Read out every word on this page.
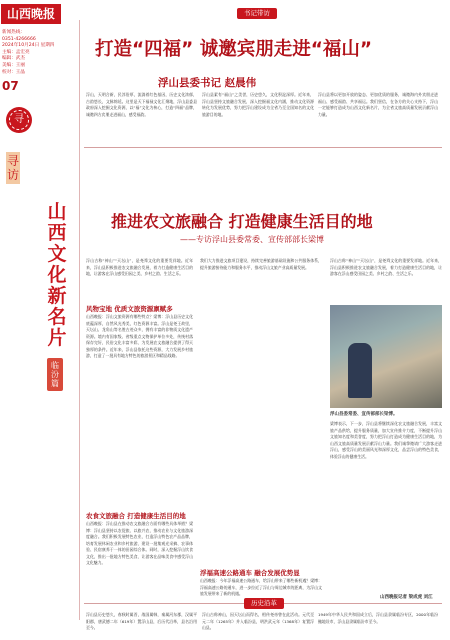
山西晚报
新闻热线：
0351-4266666
2024年10月24日 星期四
主编：孟宏亮
编辑：武杰
美编：王丽
校对：王晶
07
寻
寻访
山西文化新名片
临汾
篇
书记带访
打造“四福” 诚邀宾朋走进“福山”
浮山县委书记 赵晨伟
浮山，天明合新，民淳俗厚，流淌着红色基因，历史文化浓郁，古韵悠长，文脉绵延。这里是天下福禄文化汇聚地，浮山县委县政府深入挖掘文化资源，以“福”文化为核心，打造“四福”品牌，诚邀四方宾朋走进福山，感受福韵。
浮山县素有“福山”之美誉，历史悠久，文化积淀深厚。近年来，浮山县坚持文旅融合发展，深入挖掘福文化内涵，推动文化资源转化为发展优势，努力把浮山建设成为全省乃至全国知名的文化旅游目的地。
浮山县将以更加开放的姿态、更加优质的服务，诚邀海内外宾朋走进福山、感受福韵、共享福运。我们坚信，在各方的关心支持下，浮山一定能够打造成为山西文化新名片，为全省文旅高质量发展贡献浮山力量。
推进农文旅融合 打造健康生活目的地
——专访浮山县委常委、宣传部部长梁博
浮山古称“神山”“天坛山”，是尧舜文化的重要发祥地。近年来，浮山县积极推进农文旅融合发展，着力打造健康生活目的地，让游客在浮山感受田园之美、乡村之韵、生活之乐。
风物宝地 优质文旅资源禀赋多
山西晚报：浮山文旅资源有哪些特点？梁博：浮山县历史文化底蕴深厚，自然风光秀美，红色资源丰富。浮山是尧王故里，天坛山、龙角山等名胜古迹众多，拥有丰富的非物质文化遗产资源。境内有国家级、省级重点文物保护单位多处，传统村落保存完好，民俗文化丰富多彩，为发展农文旅融合提供了得天独厚的条件。近年来，浮山县依托这些资源，大力发展乡村旅游，打造了一批具有地方特色的旅游景区和精品线路。
农食文旅融合 打造健康生活目的地
山西晚报：浮山县在推动农文旅融合方面有哪些具体举措？梁博：浮山县坚持以农促旅、以旅兴农，推动农业与文化旅游深度融合。我们积极发展特色农业，打造浮山特色农产品品牌，培育发展休闲农业和乡村旅游，建设一批集观光采摘、农事体验、民宿康养于一体的田园综合体。同时，深入挖掘浮山饮食文化，推出一批地方特色美食，让游客在品味美食中感受浮山文化魅力。
我们大力推进文旅项目建设，持续完善旅游基础设施和公共服务体系，提升旅游接待能力和服务水平，推动浮山文旅产业高质量发展。
浮福高速公路通车 融合发展优势显
山西晚报：今年浮福高速公路通车，给浮山带来了哪些新机遇？梁博：浮福高速公路的通车，进一步拉近了浮山与周边城市的距离，为浮山文旅发展带来了新的机遇。
浮山古称“神山”“天坛山”，是尧舜文化的重要发祥地。近年来，浮山县积极推进农文旅融合发展，着力打造健康生活目的地，让游客在浮山感受田园之美、乡村之韵、生活之乐。
浮山县委常委、宣传部部长梁博。
梁博表示，下一步，浮山县将继续深化农文旅融合发展，丰富文旅产品供给，提升服务质量，加大宣传推介力度，不断提升浮山文旅知名度和美誉度，努力把浮山打造成为健康生活目的地，为山西文旅高质量发展贡献浮山力量。我们诚挚邀请广大游客走进浮山，感受浮山的美丽风光和深厚文化，品尝浮山的特色美食，体验浮山的健康生活。
山西晚报记者 梁成虎 刘江
历史沿革
浮山县历史悠久，春秋时属晋，战国属韩，秦属河东郡，汉属平阳郡，唐武德二年（619年）置浮山县，后历代沿革，县名沿用至今。
浮山古称神山，因天坛山而得名，相传尧帝曾在此活动。元代至元二年（1265年）并入临汾县，明洪武元年（1368年）复置浮山县。
1949年中华人民共和国成立后，浮山县隶属临汾专区，2000年临汾撤地设市，浮山县隶属临汾市至今。
